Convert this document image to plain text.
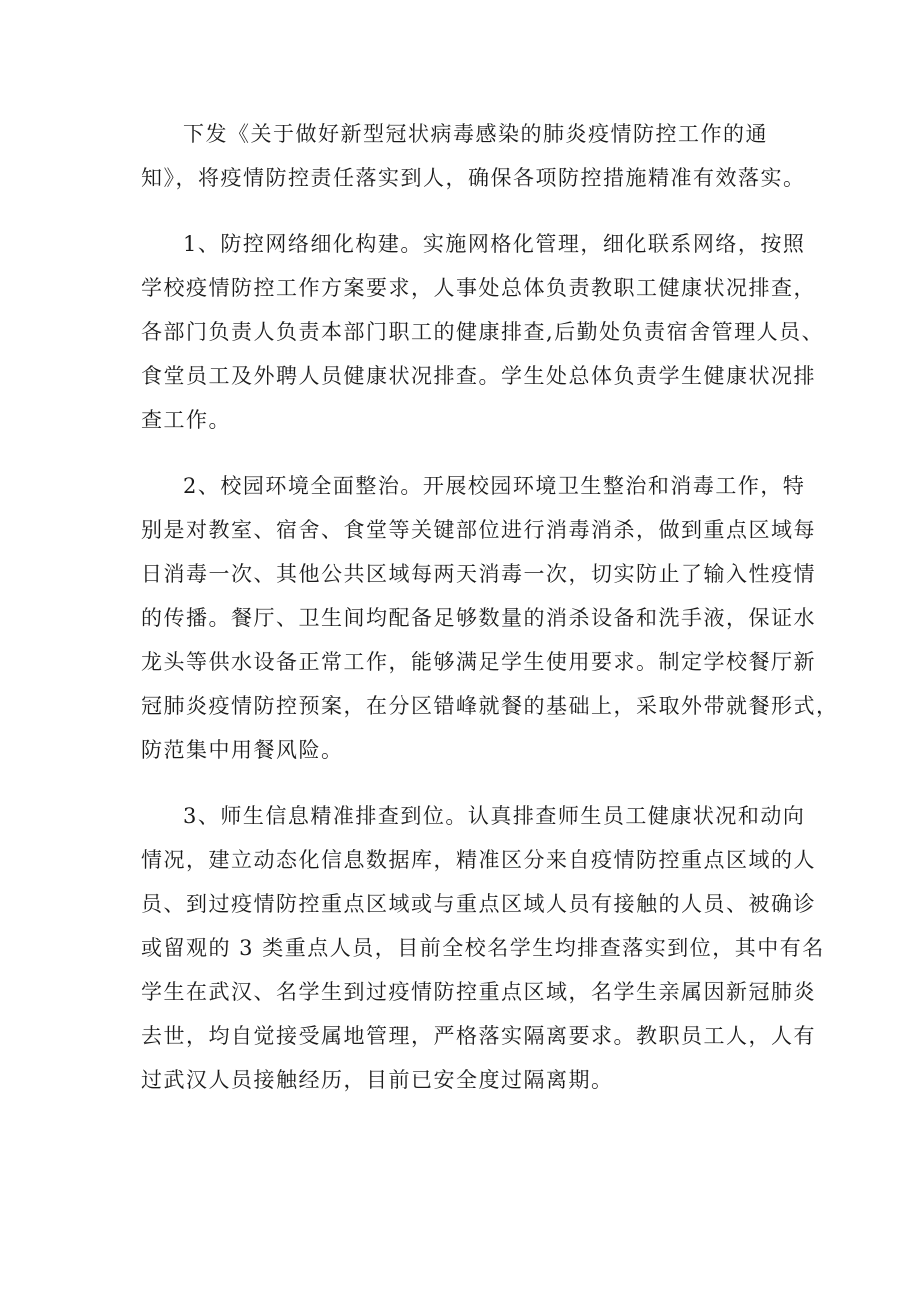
下发《关于做好新型冠状病毒感染的肺炎疫情防控工作的通
知》，将疫情防控责任落实到人，确保各项防控措施精准有效落实。
1、防控网络细化构建。实施网格化管理，细化联系网络，按照
学校疫情防控工作方案要求，人事处总体负责教职工健康状况排查，
各部门负责人负责本部门职工的健康排查,后勤处负责宿舍管理人员、
食堂员工及外聘人员健康状况排查。学生处总体负责学生健康状况排
查工作。
2、校园环境全面整治。开展校园环境卫生整治和消毒工作，特
别是对教室、宿舍、食堂等关键部位进行消毒消杀，做到重点区域每
日消毒一次、其他公共区域每两天消毒一次，切实防止了输入性疫情
的传播。餐厅、卫生间均配备足够数量的消杀设备和洗手液，保证水
龙头等供水设备正常工作，能够满足学生使用要求。制定学校餐厅新
冠肺炎疫情防控预案，在分区错峰就餐的基础上，采取外带就餐形式，
防范集中用餐风险。
3、师生信息精准排查到位。认真排查师生员工健康状况和动向
情况，建立动态化信息数据库，精准区分来自疫情防控重点区域的人
员、到过疫情防控重点区域或与重点区域人员有接触的人员、被确诊
或留观的 3 类重点人员，目前全校名学生均排查落实到位，其中有名
学生在武汉、名学生到过疫情防控重点区域，名学生亲属因新冠肺炎
去世，均自觉接受属地管理，严格落实隔离要求。教职员工人，人有
过武汉人员接触经历，目前已安全度过隔离期。
